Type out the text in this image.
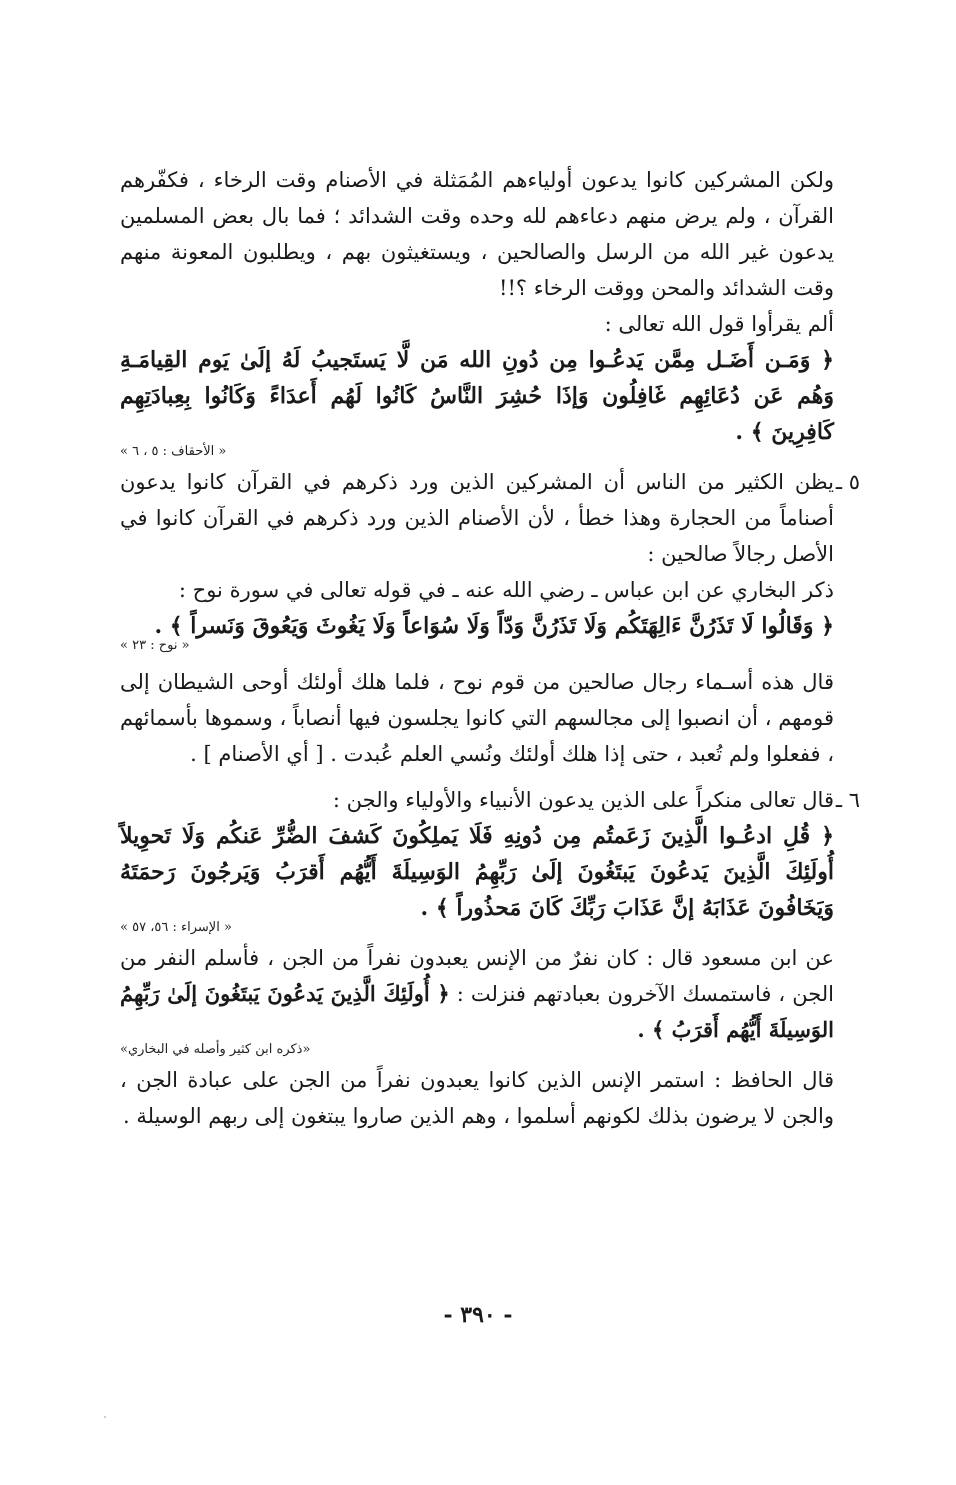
ولكن المشركين كانوا يدعون أولياءهم المُمَثلة في الأصنام وقت الرخاء ، فكفّرهم القرآن ، ولم يرض منهم دعاءهم لله وحده وقت الشدائد ؛ فما بال بعض المسلمين يدعون غير الله من الرسل والصالحين ، ويستغيثون بهم ، ويطلبون المعونة منهم وقت الشدائد والمحن ووقت الرخاء ؟!!

ألم يقرأوا قول الله تعالى :

﴿ وَمَـن أَضَـل مِمَّن يَدعُـوا مِن دُونِ الله مَن لَّا يَستَجيبُ لَهُ إلَىٰ يَوم القِيامَـةِ وَهُم عَن دُعَائِهِم غَافِلُون وَإذَا حُشِرَ النَّاسُ كَانُوا لَهُم أَعدَاءً وَكَانُوا بِعِبادَتِهِم كَافِرِينَ ﴾ .

« الأحقاف : ٥ ، ٦ »
٥ ـ

يظن الكثير من الناس أن المشركين الذين ورد ذكرهم في القرآن كانوا يدعون أصناماً من الحجارة وهذا خطأ ، لأن الأصنام الذين ورد ذكرهم في القرآن كانوا في الأصل رجالاً صالحين :

ذكر البخاري عن ابن عباس ـ رضي الله عنه ـ في قوله تعالى في سورة نوح :

﴿ وَقَالُوا لَا تَذَرُنَّ ءَالِهَتَكُم وَلَا تَذَرُنَّ وَدّاً وَلَا سُوَاعاً وَلَا يَغُوثَ وَيَعُوقَ وَنَسراً ﴾ .

« نوح : ٢٣ »

قال هذه أسـماء رجال صالحين من قوم نوح ، فلما هلك أولئك أوحى الشيطان إلى قومهم ، أن انصبوا إلى مجالسهم التي كانوا يجلسون فيها أنصاباً ، وسموها بأسمائهم ، ففعلوا ولم تُعبد ، حتى إذا هلك أولئك ونُسي العلم عُبدت . [ أي الأصنام ] .

٦ ـ

قال تعالى منكراً على الذين يدعون الأنبياء والأولياء والجن :

﴿ قُلِ ادعُـوا الَّذِينَ زَعَمتُم مِن دُونِهِ فَلَا يَملِكُونَ كَشفَ الضُّرِّ عَنكُم وَلَا تَحوِيلاً أُولَئِكَ الَّذِينَ يَدعُونَ يَبتَغُونَ إلَىٰ رَبِّهِمُ الوَسِيلَةَ أَيُّهُم أَقرَبُ وَيَرجُونَ رَحمَتَهُ وَيَخَافُونَ عَذَابَهُ إنَّ عَذَابَ رَبِّكَ كَانَ مَحذُوراً ﴾ .

« الإسراء : ٥٦، ٥٧ »

عن ابن مسعود قال : كان نفرٌ من الإنس يعبدون نفراً من الجن ، فأسلم النفر من الجن ، فاستمسك الآخرون بعبادتهم فنزلت : ﴿ أُولَئِكَ الَّذِينَ يَدعُونَ يَبتَغُونَ إلَىٰ رَبِّهِمُ الوَسِيلَةَ أَيُّهُم أَقرَبُ ﴾ .

«ذكره ابن كثير وأصله في البخاري»

قال الحافظ : استمر الإنس الذين كانوا يعبدون نفراً من الجن على عبادة الجن ، والجن لا يرضون بذلك لكونهم أسلموا ، وهم الذين صاروا يبتغون إلى ربهم الوسيلة .

- ٣٩٠ -
